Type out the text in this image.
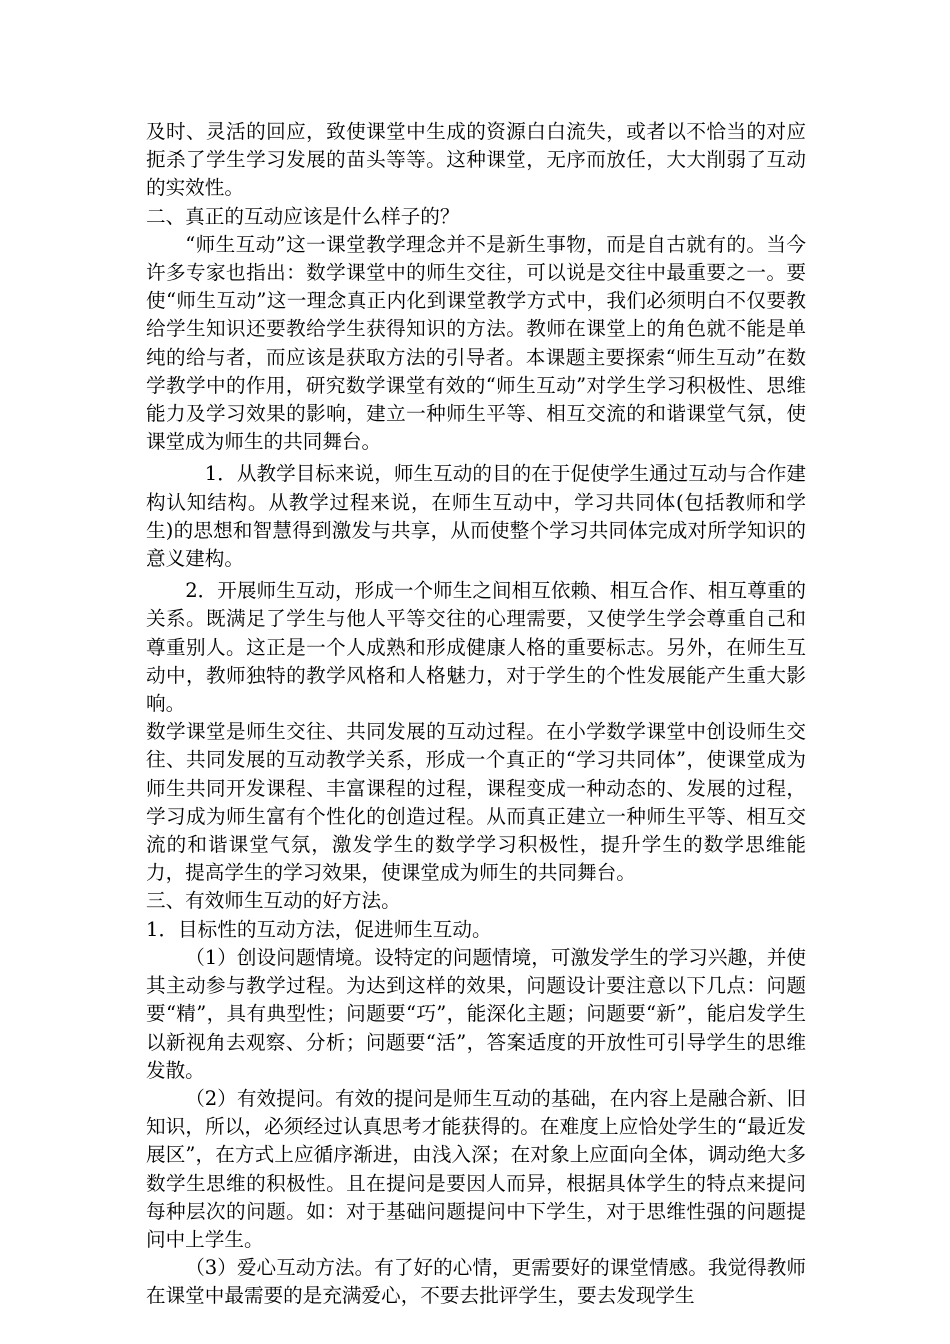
及时、灵活的回应，致使课堂中生成的资源白白流失，或者以不恰当的对应扼杀了学生学习发展的苗头等等。这种课堂，无序而放任，大大削弱了互动的实效性。

二、真正的互动应该是什么样子的？

“师生互动”这一课堂教学理念并不是新生事物，而是自古就有的。当今许多专家也指出：数学课堂中的师生交往，可以说是交往中最重要之一。要使“师生互动”这一理念真正内化到课堂教学方式中，我们必须明白不仅要教给学生知识还要教给学生获得知识的方法。教师在课堂上的角色就不能是单纯的给与者，而应该是获取方法的引导者。本课题主要探索“师生互动”在数学教学中的作用，研究数学课堂有效的“师生互动”对学生学习积极性、思维能力及学习效果的影响，建立一种师生平等、相互交流的和谐课堂气氛，使课堂成为师生的共同舞台。

1．从教学目标来说，师生互动的目的在于促使学生通过互动与合作建构认知结构。从教学过程来说，在师生互动中，学习共同体(包括教师和学生)的思想和智慧得到激发与共享，从而使整个学习共同体完成对所学知识的意义建构。

2．开展师生互动，形成一个师生之间相互依赖、相互合作、相互尊重的关系。既满足了学生与他人平等交往的心理需要，又使学生学会尊重自己和尊重别人。这正是一个人成熟和形成健康人格的重要标志。另外，在师生互动中，教师独特的教学风格和人格魅力，对于学生的个性发展能产生重大影响。

数学课堂是师生交往、共同发展的互动过程。在小学数学课堂中创设师生交往、共同发展的互动教学关系，形成一个真正的“学习共同体”，使课堂成为师生共同开发课程、丰富课程的过程，课程变成一种动态的、发展的过程，学习成为师生富有个性化的创造过程。从而真正建立一种师生平等、相互交流的和谐课堂气氛，激发学生的数学学习积极性，提升学生的数学思维能力，提高学生的学习效果，使课堂成为师生的共同舞台。

三、有效师生互动的好方法。

1．目标性的互动方法，促进师生互动。

（1）创设问题情境。设特定的问题情境，可激发学生的学习兴趣，并使其主动参与教学过程。为达到这样的效果，问题设计要注意以下几点：问题要“精”，具有典型性；问题要“巧”，能深化主题；问题要“新”，能启发学生以新视角去观察、分析；问题要“活”，答案适度的开放性可引导学生的思维发散。

（2）有效提问。有效的提问是师生互动的基础，在内容上是融合新、旧知识，所以，必须经过认真思考才能获得的。在难度上应恰处学生的“最近发展区”，在方式上应循序渐进，由浅入深；在对象上应面向全体，调动绝大多数学生思维的积极性。且在提问是要因人而异，根据具体学生的特点来提问每种层次的问题。如：对于基础问题提问中下学生，对于思维性强的问题提问中上学生。

（3）爱心互动方法。有了好的心情，更需要好的课堂情感。我觉得教师在课堂中最需要的是充满爱心，不要去批评学生，要去发现学生
